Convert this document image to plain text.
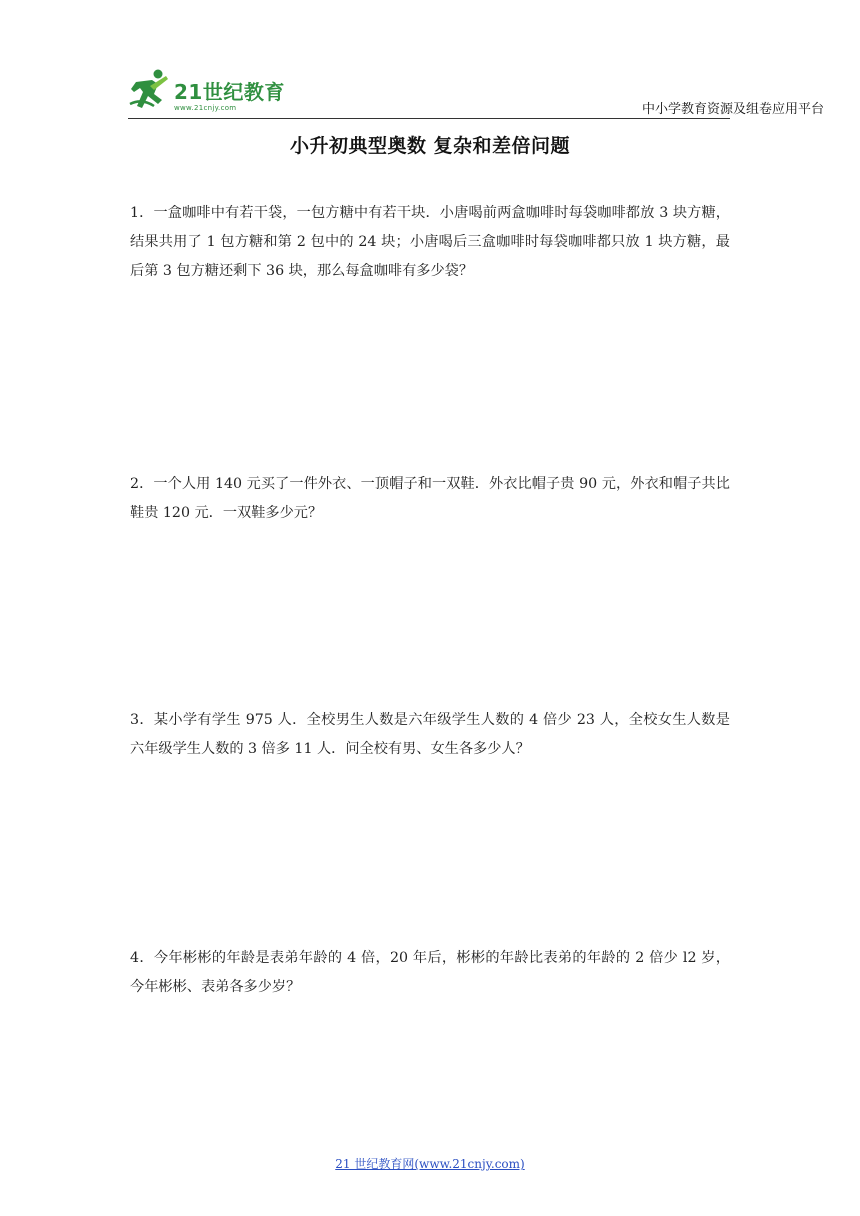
21世纪教育
www.21cnjy.com	中小学教育资源及组卷应用平台
小升初典型奥数 复杂和差倍问题
1．一盒咖啡中有若干袋，一包方糖中有若干块．小唐喝前两盒咖啡时每袋咖啡都放 3 块方糖，结果共用了 1 包方糖和第 2 包中的 24 块；小唐喝后三盒咖啡时每袋咖啡都只放 1 块方糖，最后第 3 包方糖还剩下 36 块，那么每盒咖啡有多少袋？
2．一个人用 140 元买了一件外衣、一顶帽子和一双鞋．外衣比帽子贵 90 元，外衣和帽子共比鞋贵 120 元．一双鞋多少元？
3．某小学有学生 975 人．全校男生人数是六年级学生人数的 4 倍少 23 人，全校女生人数是六年级学生人数的 3 倍多 11 人．问全校有男、女生各多少人？
4．今年彬彬的年龄是表弟年龄的 4 倍，20 年后，彬彬的年龄比表弟的年龄的 2 倍少 l2 岁，今年彬彬、表弟各多少岁？
21 世纪教育网(www.21cnjy.com)
